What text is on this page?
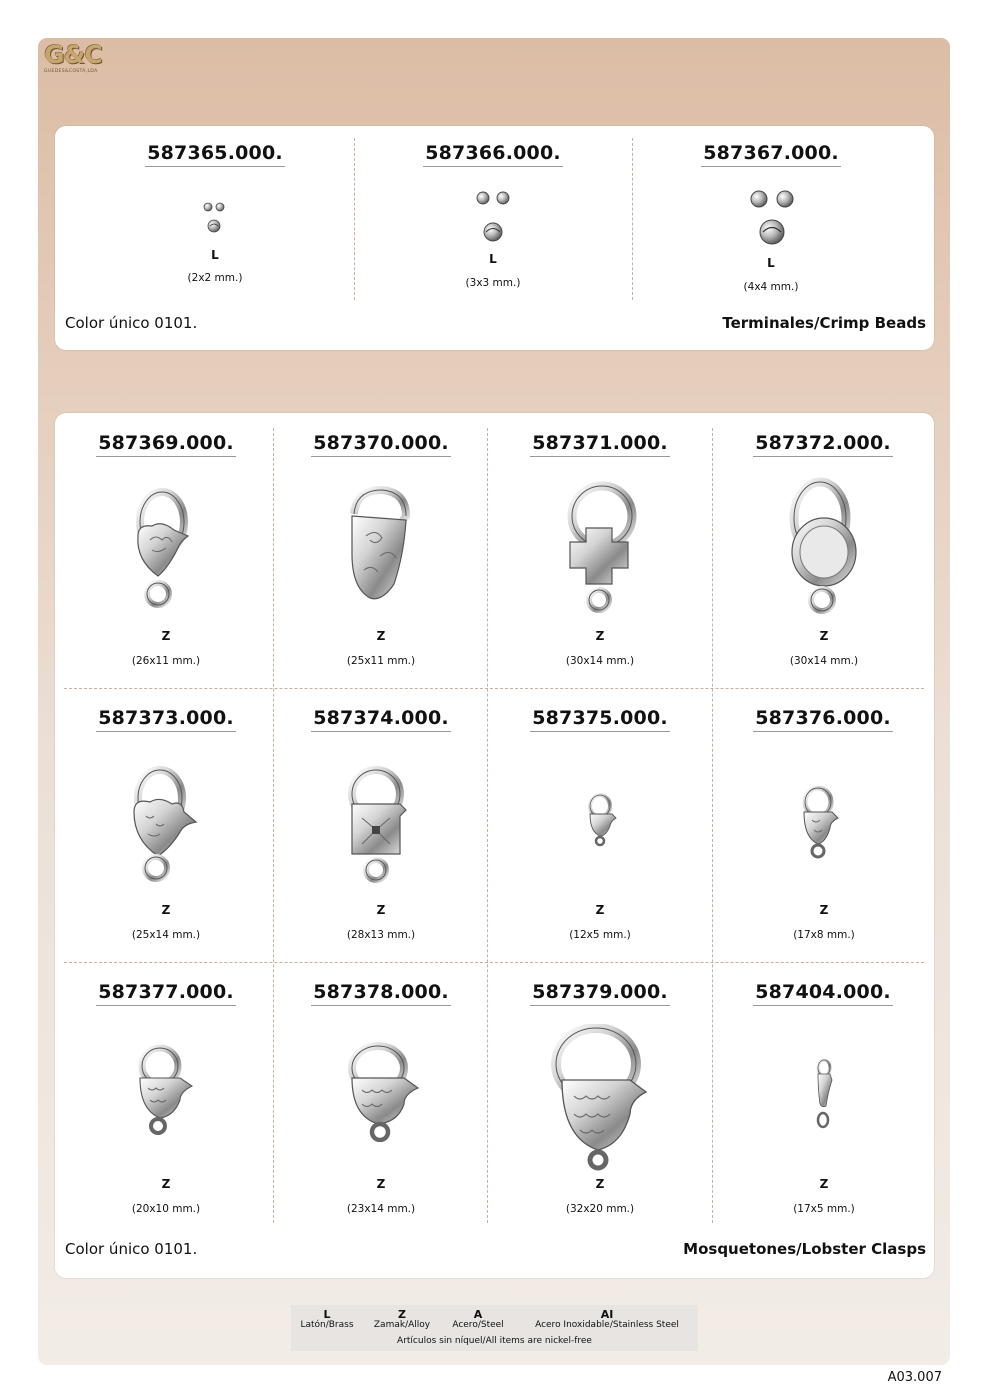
G&C
GUEDES&COSTA,LDA
587365.000.
L
(2x2 mm.)
587366.000.
L
(3x3 mm.)
587367.000.
L
(4x4 mm.)
Color único 0101.	Terminales/Crimp Beads
587369.000.
Z
(26x11 mm.)
587370.000.
Z
(25x11 mm.)
587371.000.
Z
(30x14 mm.)
587372.000.
Z
(30x14 mm.)
587373.000.
Z
(25x14 mm.)
587374.000.
Z
(28x13 mm.)
587375.000.
Z
(12x5 mm.)
587376.000.
Z
(17x8 mm.)
587377.000.
Z
(20x10 mm.)
587378.000.
Z
(23x14 mm.)
587379.000.
Z
(32x20 mm.)
587404.000.
Z
(17x5 mm.)
Color único 0101.	Mosquetones/Lobster Clasps
L
Latón/Brass
Z
Zamak/Alloy
A
Acero/Steel
AI
Acero Inoxidable/Stainless Steel
Artículos sin níquel/All items are nickel-free
A03.007
